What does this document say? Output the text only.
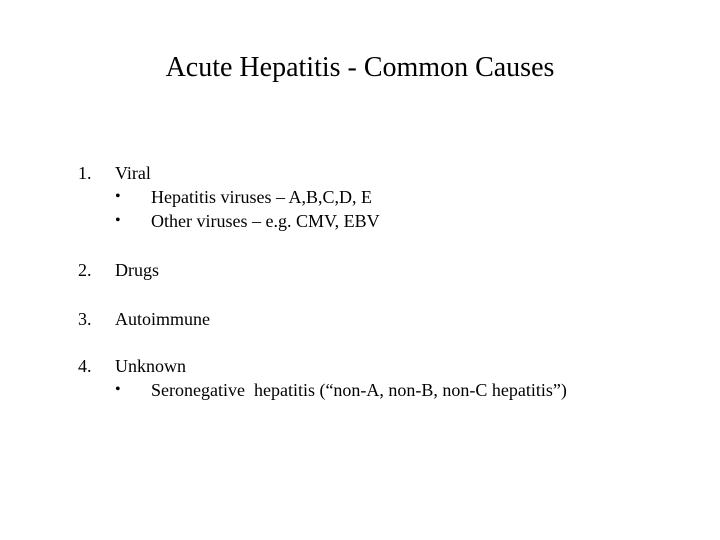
Acute Hepatitis - Common Causes
1. Viral
• Hepatitis viruses – A,B,C,D, E
• Other viruses – e.g. CMV, EBV
2. Drugs
3. Autoimmune
4. Unknown
• Seronegative  hepatitis (“non-A, non-B, non-C hepatitis”)
